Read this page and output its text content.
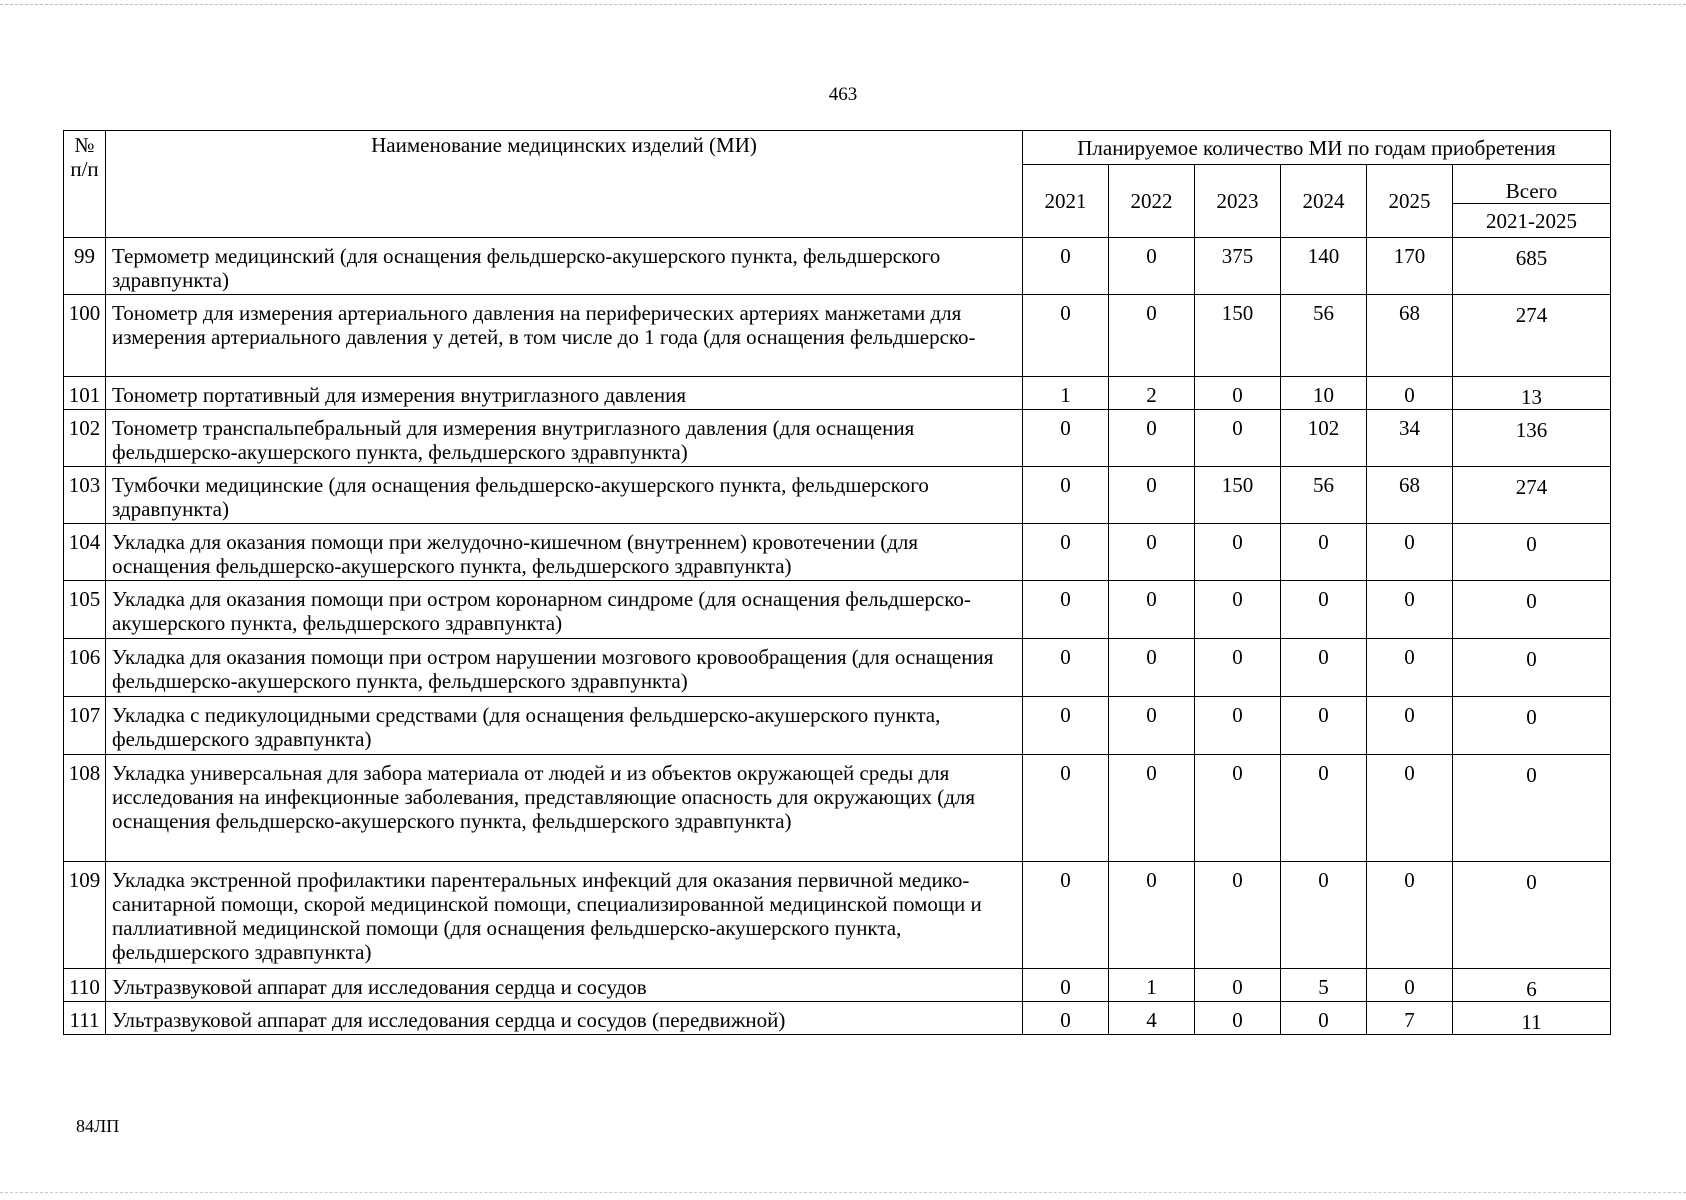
463
№ п/п	Наименование медицинских изделий (МИ)	Планируемое количество МИ по годам приобретения					
		2021	2022	2023	2024	2025	Всего
							2021-2025
99	Термометр медицинский (для оснащения фельдшерско-акушерского пункта, фельдшерского здравпункта)	0	0	375	140	170	685
100	Тонометр для измерения артериального давления на периферических артериях манжетами для измерения артериального давления у детей, в том числе до 1 года (для оснащения фельдшерско-	0	0	150	56	68	274
101	Тонометр портативный для измерения внутриглазного давления	1	2	0	10	0	13
102	Тонометр транспальпебральный для измерения внутриглазного давления (для оснащения фельдшерско-акушерского пункта, фельдшерского здравпункта)	0	0	0	102	34	136
103	Тумбочки медицинские (для оснащения фельдшерско-акушерского пункта, фельдшерского здравпункта)	0	0	150	56	68	274
104	Укладка для оказания помощи при желудочно-кишечном (внутреннем) кровотечении (для оснащения фельдшерско-акушерского пункта, фельдшерского здравпункта)	0	0	0	0	0	0
105	Укладка для оказания помощи при остром коронарном синдроме (для оснащения фельдшерско-акушерского пункта, фельдшерского здравпункта)	0	0	0	0	0	0
106	Укладка для оказания помощи при остром нарушении мозгового кровообращения (для оснащения фельдшерско-акушерского пункта, фельдшерского здравпункта)	0	0	0	0	0	0
107	Укладка с педикулоцидными средствами (для оснащения фельдшерско-акушерского пункта, фельдшерского здравпункта)	0	0	0	0	0	0
108	Укладка универсальная для забора материала от людей и из объектов окружающей среды для исследования на инфекционные заболевания, представляющие опасность для окружающих (для оснащения фельдшерско-акушерского пункта, фельдшерского здравпункта)	0	0	0	0	0	0
109	Укладка экстренной профилактики парентеральных инфекций для оказания первичной медико-санитарной помощи, скорой медицинской помощи, специализированной медицинской помощи и паллиативной медицинской помощи (для оснащения фельдшерско-акушерского пункта, фельдшерского здравпункта)	0	0	0	0	0	0
110	Ультразвуковой аппарат для исследования сердца и сосудов	0	1	0	5	0	6
111	Ультразвуковой аппарат для исследования сердца и сосудов (передвижной)	0	4	0	0	7	11
84ЛП
